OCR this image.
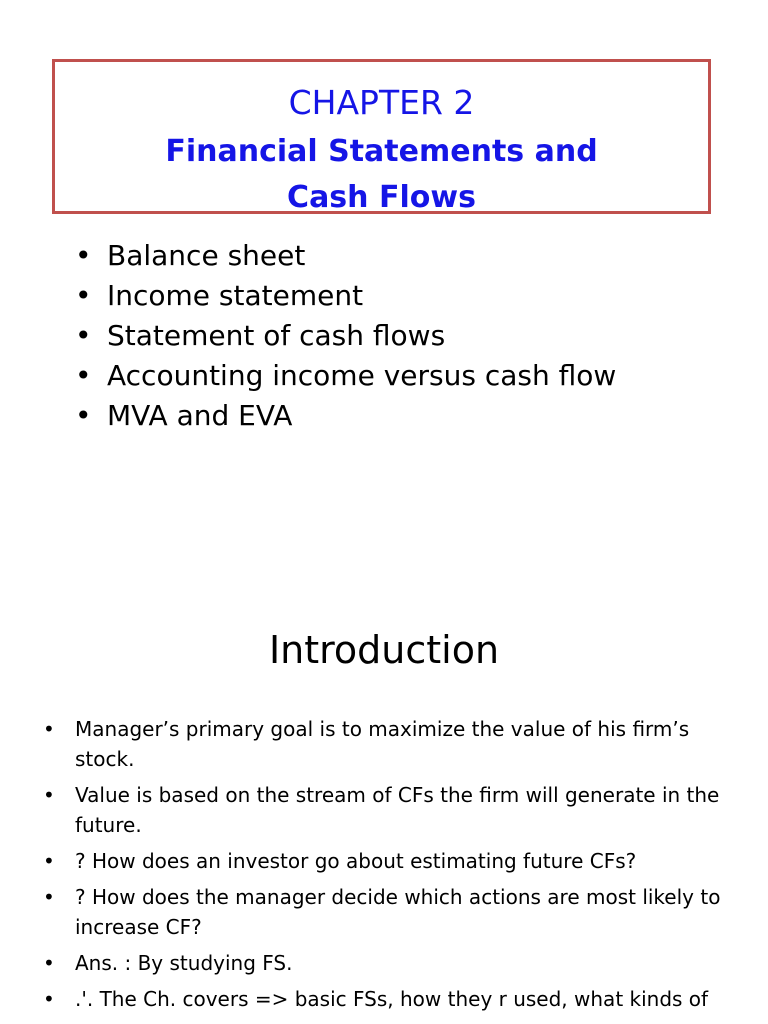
CHAPTER 2
Financial Statements and
Cash Flows
• Balance sheet
• Income statement
• Statement of cash flows
• Accounting income versus cash flow
• MVA and EVA
Introduction
• Manager’s primary goal is to maximize the value of his firm’s stock.
• Value is based on the stream of CFs the firm will generate in the future.
• ? How does an investor go about estimating future CFs?
• ? How does the manager decide which actions are most likely to increase CF?
• Ans. : By studying FS.
• .'. The Ch. covers => basic FSs, how they r used, what kinds of
